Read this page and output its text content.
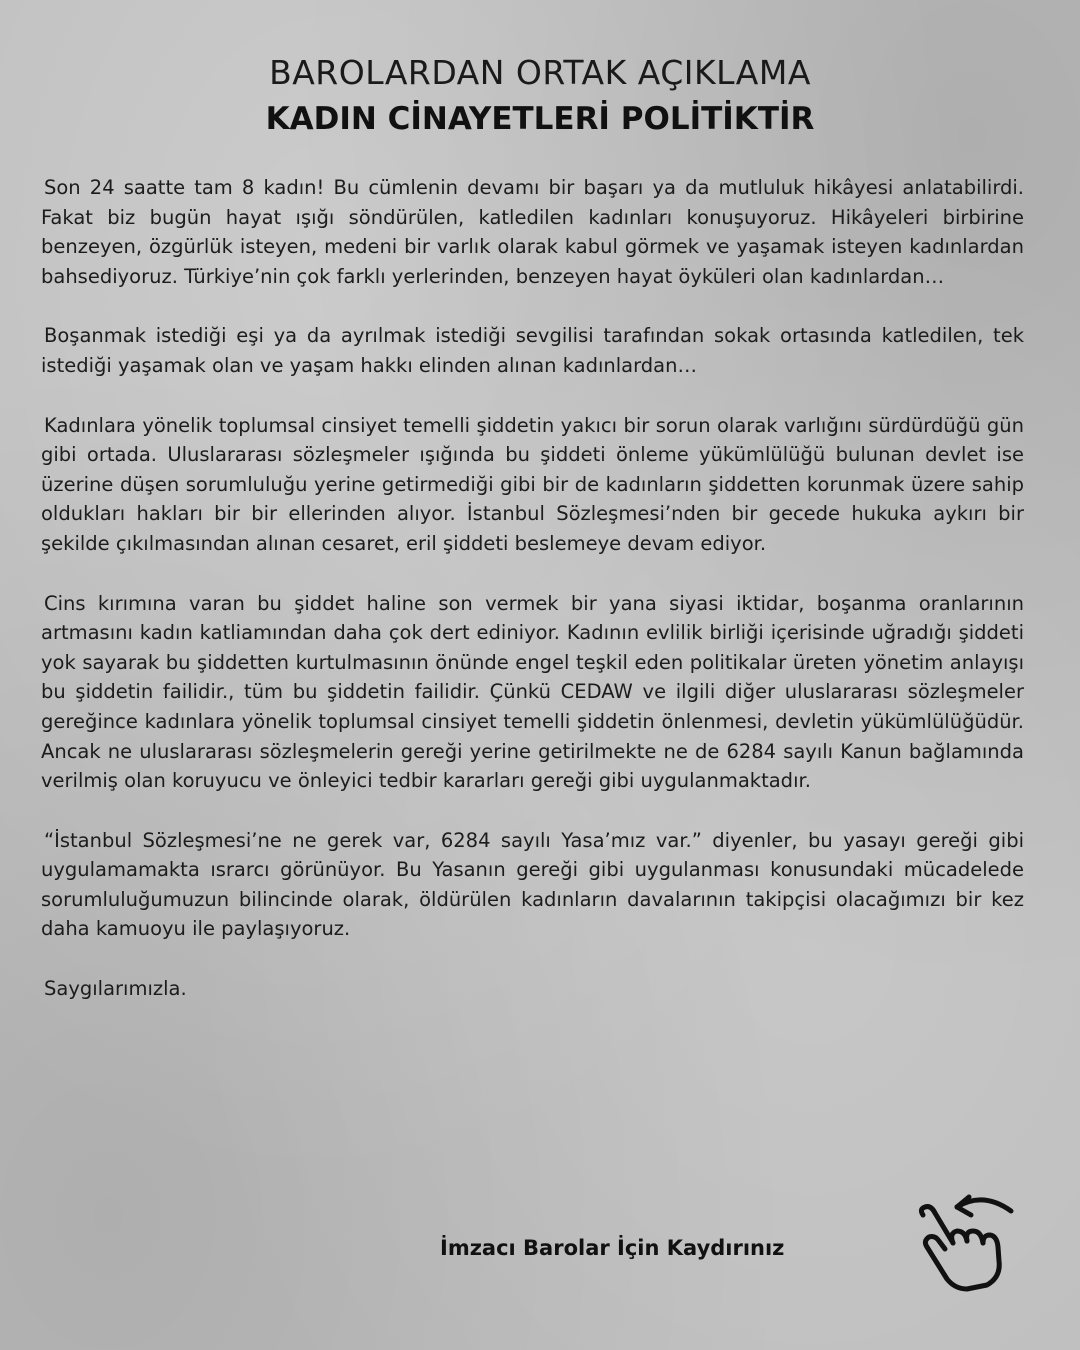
BAROLARDAN ORTAK AÇIKLAMA
KADIN CİNAYETLERİ POLİTİKTİR

Son 24 saatte tam 8 kadın! Bu cümlenin devamı bir başarı ya da mutluluk hikâyesi anlatabilirdi. Fakat biz bugün hayat ışığı söndürülen, katledilen kadınları konuşuyoruz. Hikâyeleri birbirine benzeyen, özgürlük isteyen, medeni bir varlık olarak kabul görmek ve yaşamak isteyen kadınlardan bahsediyoruz. Türkiye’nin çok farklı yerlerinden, benzeyen hayat öyküleri olan kadınlardan…

Boşanmak istediği eşi ya da ayrılmak istediği sevgilisi tarafından sokak ortasında katledilen, tek istediği yaşamak olan ve yaşam hakkı elinden alınan kadınlardan…

Kadınlara yönelik toplumsal cinsiyet temelli şiddetin yakıcı bir sorun olarak varlığını sürdürdüğü gün gibi ortada. Uluslararası sözleşmeler ışığında bu şiddeti önleme yükümlülüğü bulunan devlet ise üzerine düşen sorumluluğu yerine getirmediği gibi bir de kadınların şiddetten korunmak üzere sahip oldukları hakları bir bir ellerinden alıyor. İstanbul Sözleşmesi’nden bir gecede hukuka aykırı bir şekilde çıkılmasından alınan cesaret, eril şiddeti beslemeye devam ediyor.

Cins kırımına varan bu şiddet haline son vermek bir yana siyasi iktidar, boşanma oranlarının artmasını kadın katliamından daha çok dert ediniyor. Kadının evlilik birliği içerisinde uğradığı şiddeti yok sayarak bu şiddetten kurtulmasının önünde engel teşkil eden politikalar üreten yönetim anlayışı bu şiddetin failidir., tüm bu şiddetin failidir. Çünkü CEDAW ve ilgili diğer uluslararası sözleşmeler gereğince kadınlara yönelik toplumsal cinsiyet temelli şiddetin önlenmesi, devletin yükümlülüğüdür. Ancak ne uluslararası sözleşmelerin gereği yerine getirilmekte ne de 6284 sayılı Kanun bağlamında verilmiş olan koruyucu ve önleyici tedbir kararları gereği gibi uygulanmaktadır.

“İstanbul Sözleşmesi’ne ne gerek var, 6284 sayılı Yasa’mız var.” diyenler, bu yasayı gereği gibi uygulamamakta ısrarcı görünüyor. Bu Yasanın gereği gibi uygulanması konusundaki mücadelede sorumluluğumuzun bilincinde olarak, öldürülen kadınların davalarının takipçisi olacağımızı bir kez daha kamuoyu ile paylaşıyoruz.

Saygılarımızla.

İmzacı Barolar İçin Kaydırınız
